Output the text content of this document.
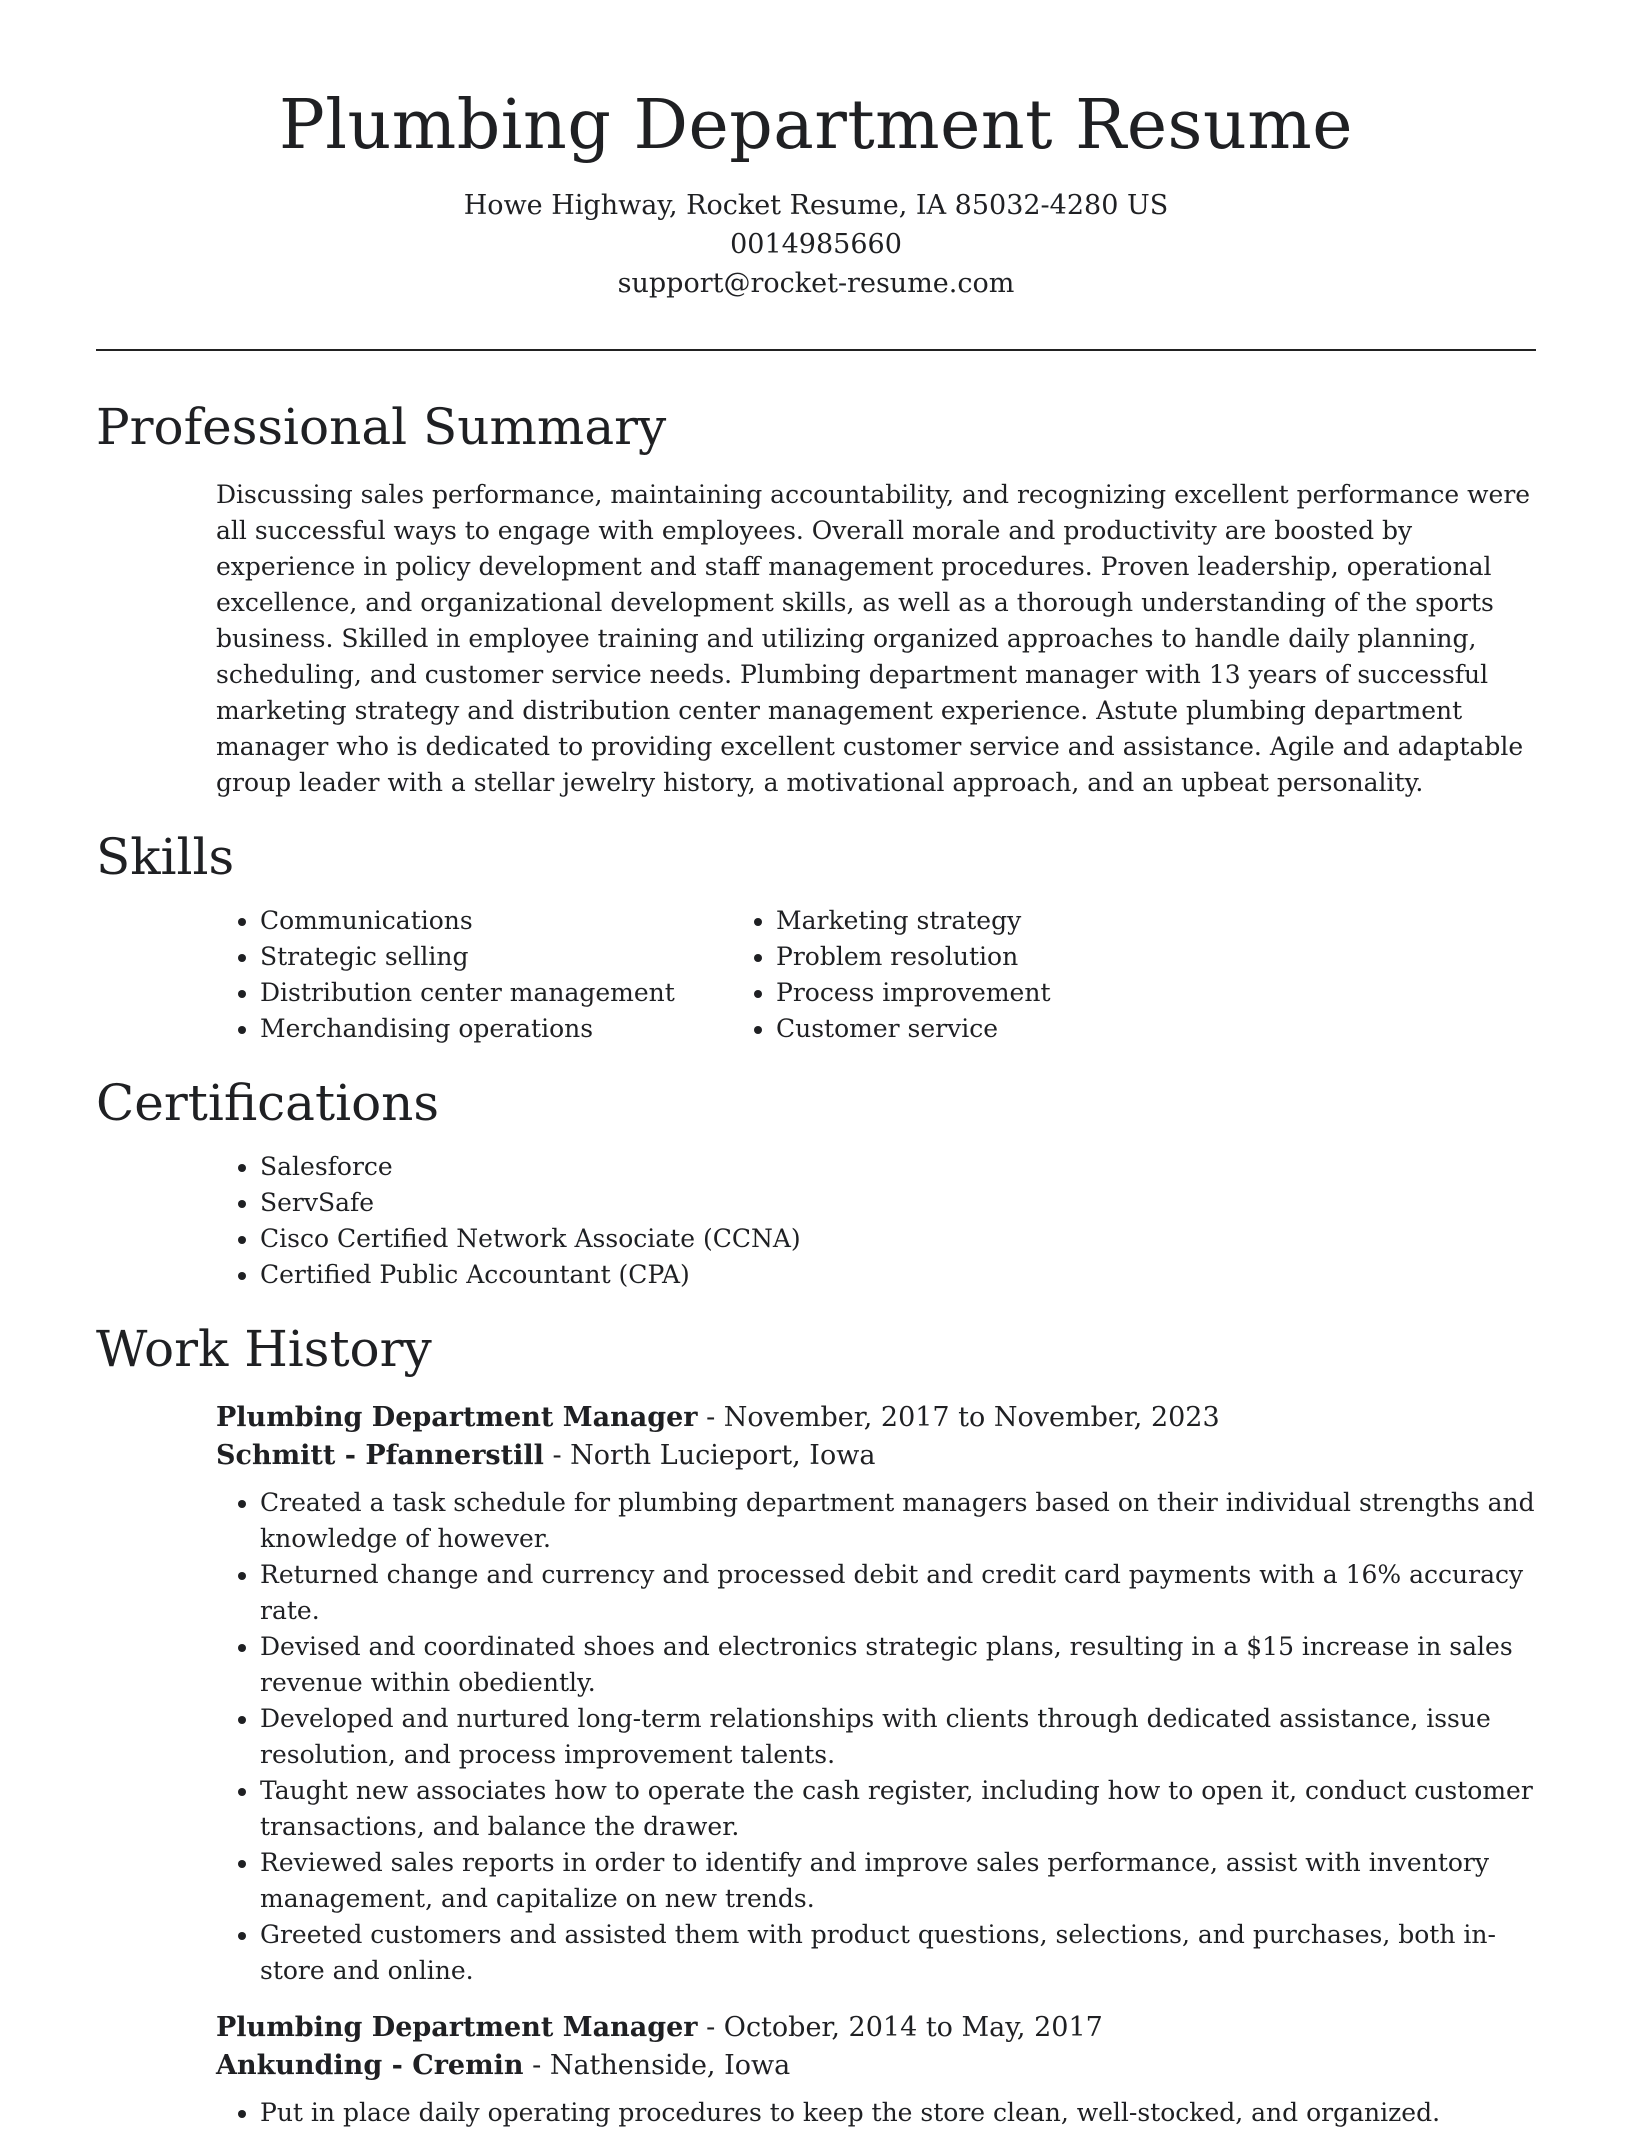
Plumbing Department Resume
Howe Highway, Rocket Resume, IA 85032-4280 US
0014985660
support@rocket-resume.com
Professional Summary

Discussing sales performance, maintaining accountability, and recognizing excellent performance were all successful ways to engage with employees. Overall morale and productivity are boosted by experience in policy development and staff management procedures. Proven leadership, operational excellence, and organizational development skills, as well as a thorough understanding of the sports business. Skilled in employee training and utilizing organized approaches to handle daily planning, scheduling, and customer service needs. Plumbing department manager with 13 years of successful marketing strategy and distribution center management experience. Astute plumbing department manager who is dedicated to providing excellent customer service and assistance. Agile and adaptable group leader with a stellar jewelry history, a motivational approach, and an upbeat personality.

Skills
• Communications
• Strategic selling
• Distribution center management
• Merchandising operations
• Marketing strategy
• Problem resolution
• Process improvement
• Customer service
Certifications
• Salesforce
• ServSafe
• Cisco Certified Network Associate (CCNA)
• Certified Public Accountant (CPA)
Work History
Plumbing Department Manager - November, 2017 to November, 2023
Schmitt - Pfannerstill - North Lucieport, Iowa
• Created a task schedule for plumbing department managers based on their individual strengths and knowledge of however.
• Returned change and currency and processed debit and credit card payments with a 16% accuracy rate.
• Devised and coordinated shoes and electronics strategic plans, resulting in a $15 increase in sales revenue within obediently.
• Developed and nurtured long-term relationships with clients through dedicated assistance, issue resolution, and process improvement talents.
• Taught new associates how to operate the cash register, including how to open it, conduct customer transactions, and balance the drawer.
• Reviewed sales reports in order to identify and improve sales performance, assist with inventory management, and capitalize on new trends.
• Greeted customers and assisted them with product questions, selections, and purchases, both in-store and online.
Plumbing Department Manager - October, 2014 to May, 2017
Ankunding - Cremin - Nathenside, Iowa
• Put in place daily operating procedures to keep the store clean, well-stocked, and organized.
